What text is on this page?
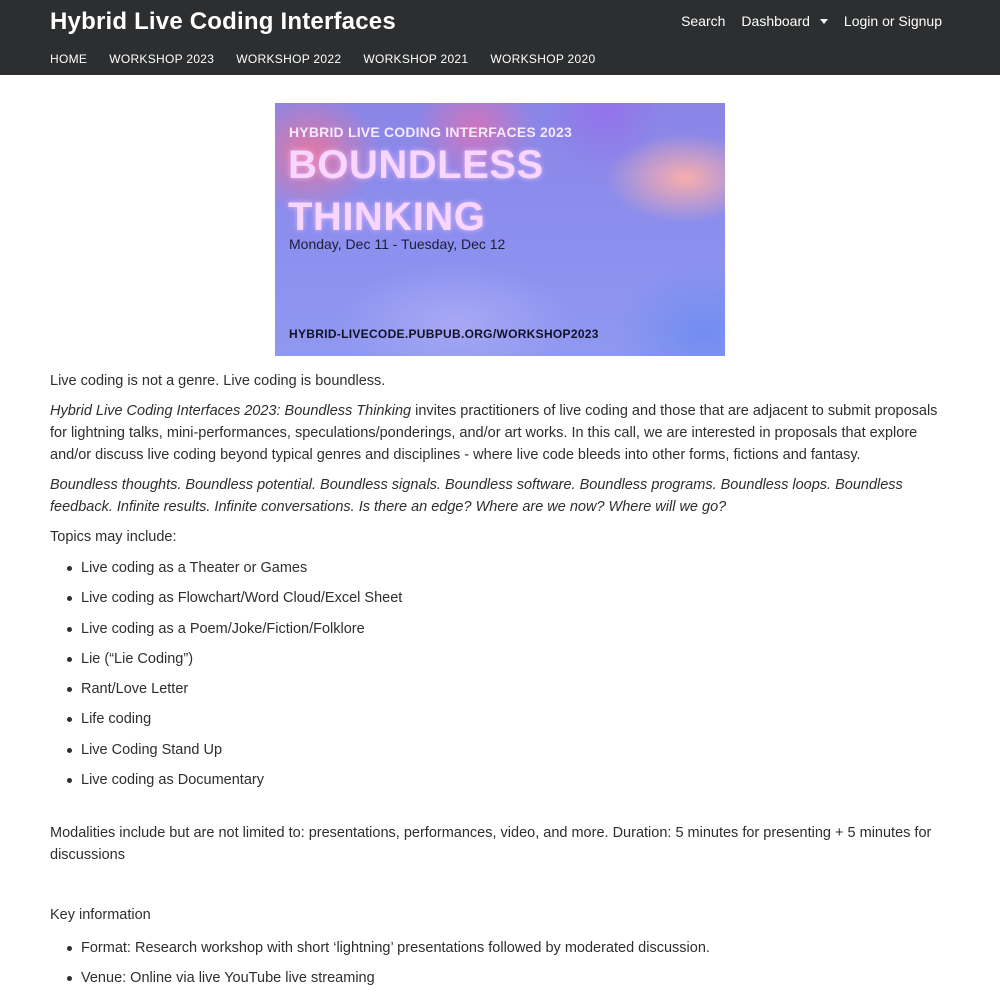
Hybrid Live Coding Interfaces	Search Dashboard Login or Signup
HOME WORKSHOP 2023 WORKSHOP 2022 WORKSHOP 2021 WORKSHOP 2020
HYBRID LIVE CODING INTERFACES 2023
BOUNDLESS THINKING
Monday, Dec 11 - Tuesday, Dec 12
HYBRID-LIVECODE.PUBPUB.ORG/WORKSHOP2023

Live coding is not a genre. Live coding is boundless.

Hybrid Live Coding Interfaces 2023: Boundless Thinking invites practitioners of live coding and those that are adjacent to submit proposals for lightning talks, mini-performances, speculations/ponderings, and/or art works. In this call, we are interested in proposals that explore and/or discuss live coding beyond typical genres and disciplines - where live code bleeds into other forms, fictions and fantasy.

Boundless thoughts. Boundless potential. Boundless signals. Boundless software. Boundless programs. Boundless loops. Boundless feedback. Infinite results. Infinite conversations. Is there an edge? Where are we now? Where will we go?

Topics may include:

Live coding as a Theater or Games
Live coding as Flowchart/Word Cloud/Excel Sheet
Live coding as a Poem/Joke/Fiction/Folklore
Lie (“Lie Coding”)
Rant/Love Letter
Life coding
Live Coding Stand Up
Live coding as Documentary

Modalities include but are not limited to: presentations, performances, video, and more. Duration: 5 minutes for presenting + 5 minutes for discussions

Key information

Format: Research workshop with short ‘lightning’ presentations followed by moderated discussion.
Venue: Online via live YouTube live streaming
